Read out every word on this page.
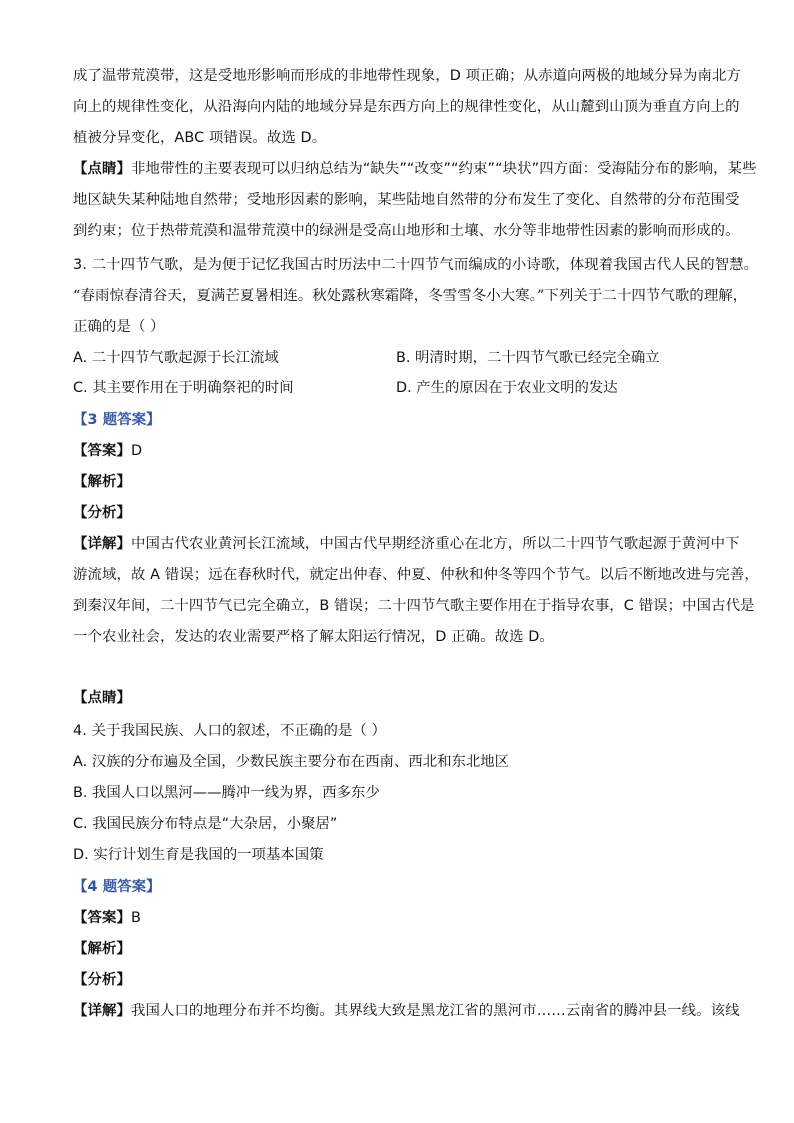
成了温带荒漠带，这是受地形影响而形成的非地带性现象，D 项正确；从赤道向两极的地域分异为南北方
向上的规律性变化，从沿海向内陆的地域分异是东西方向上的规律性变化，从山麓到山顶为垂直方向上的
植被分异变化，ABC 项错误。故选 D。
【点睛】非地带性的主要表现可以归纳总结为“缺失”“改变”“约束”“块状”四方面：受海陆分布的影响，某些
地区缺失某种陆地自然带；受地形因素的影响，某些陆地自然带的分布发生了变化、自然带的分布范围受
到约束；位于热带荒漠和温带荒漠中的绿洲是受高山地形和土壤、水分等非地带性因素的影响而形成的。
3. 二十四节气歌，是为便于记忆我国古时历法中二十四节气而编成的小诗歌，体现着我国古代人民的智慧。
“春雨惊春清谷天，夏满芒夏暑相连。秋处露秋寒霜降，冬雪雪冬小大寒。”下列关于二十四节气歌的理解，
正确的是（ ）
A. 二十四节气歌起源于长江流域	B. 明清时期，二十四节气歌已经完全确立
C. 其主要作用在于明确祭祀的时间	D. 产生的原因在于农业文明的发达
【3 题答案】
【答案】D
【解析】
【分析】
【详解】中国古代农业黄河长江流域，中国古代早期经济重心在北方，所以二十四节气歌起源于黄河中下
游流域，故 A 错误；远在春秋时代，就定出仲春、仲夏、仲秋和仲冬等四个节气。以后不断地改进与完善，
到秦汉年间，二十四节气已完全确立，B 错误；二十四节气歌主要作用在于指导农事，C 错误；中国古代是
一个农业社会，发达的农业需要严格了解太阳运行情况，D 正确。故选 D。
【点睛】
4. 关于我国民族、人口的叙述，不正确的是（ ）
A. 汉族的分布遍及全国，少数民族主要分布在西南、西北和东北地区
B. 我国人口以黑河——腾冲一线为界，西多东少
C. 我国民族分布特点是“大杂居，小聚居”
D. 实行计划生育是我国的一项基本国策
【4 题答案】
【答案】B
【解析】
【分析】
【详解】我国人口的地理分布并不均衡。其界线大致是黑龙江省的黑河市……云南省的腾冲县一线。该线
